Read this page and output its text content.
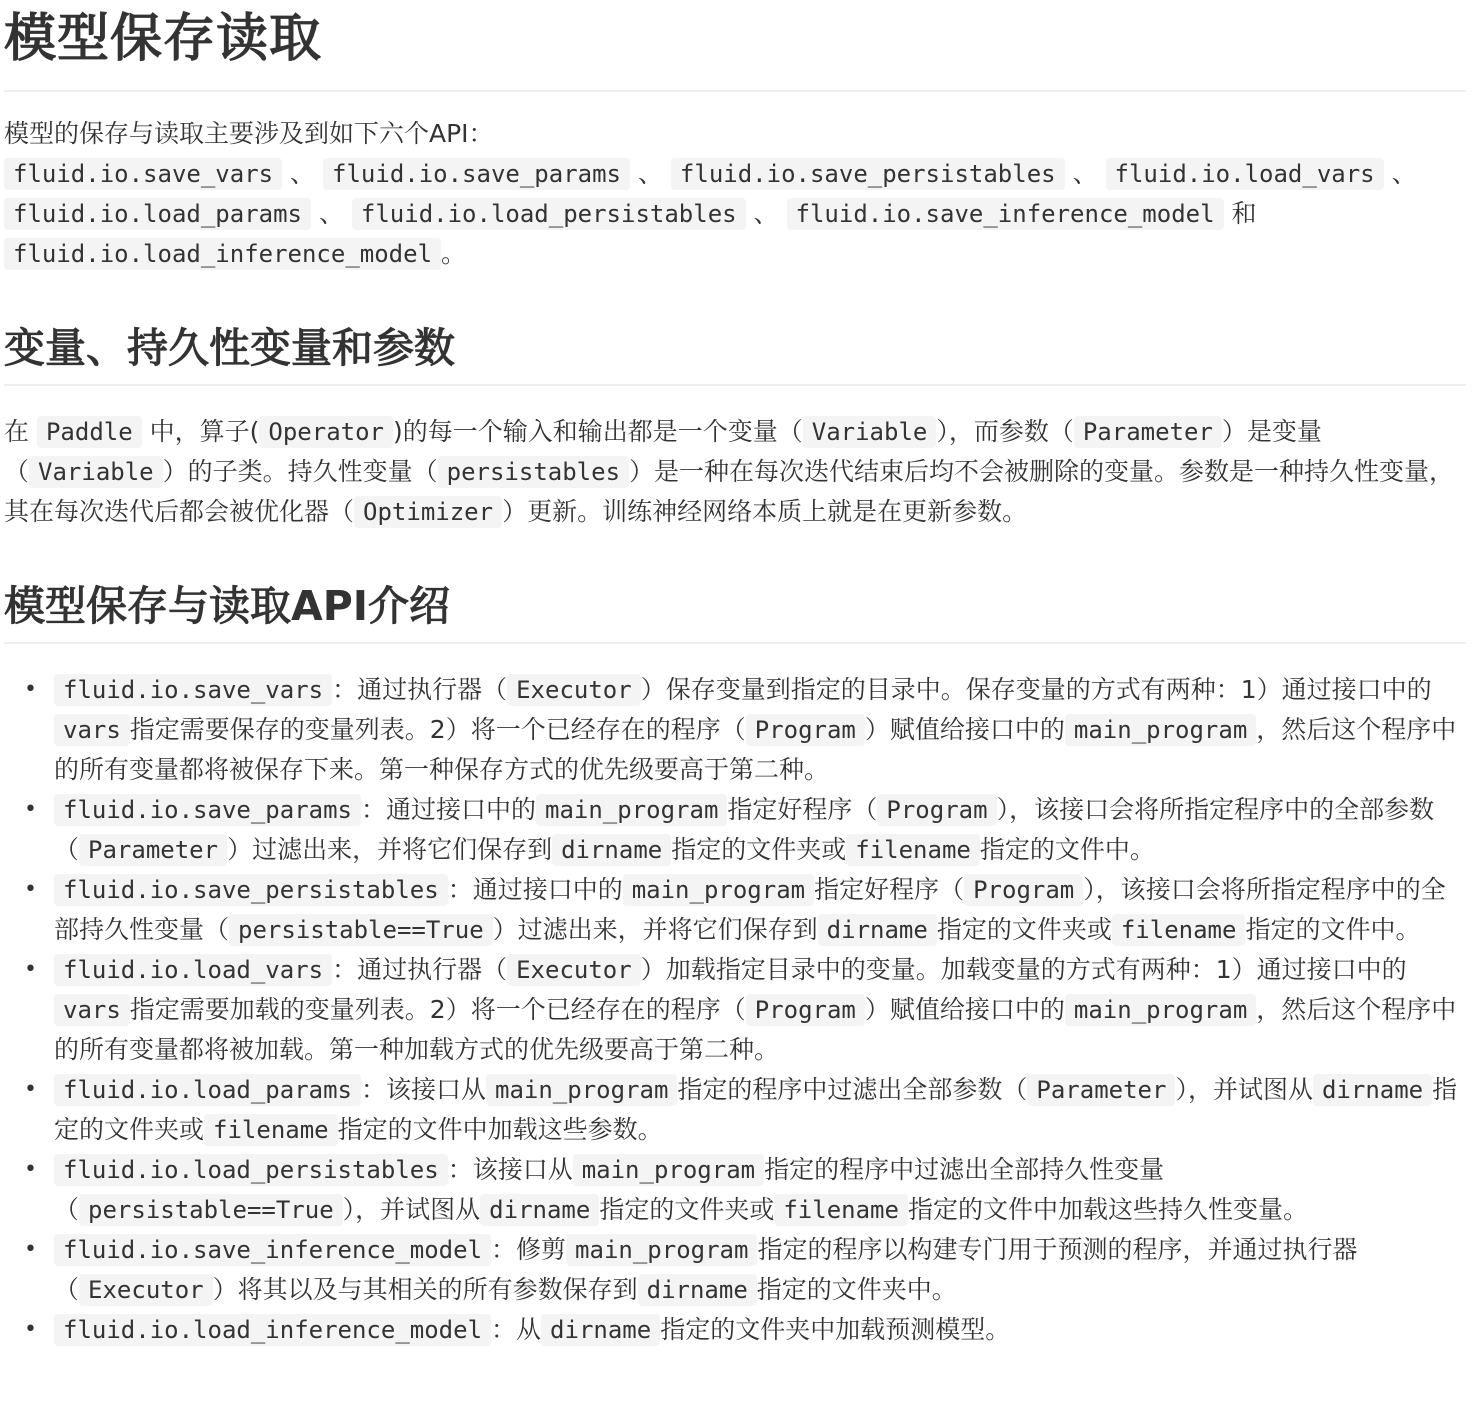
模型保存读取

模型的保存与读取主要涉及到如下六个API：
fluid.io.save_vars 、 fluid.io.save_params 、 fluid.io.save_persistables 、 fluid.io.load_vars 、 fluid.io.load_params 、 fluid.io.load_persistables 、 fluid.io.save_inference_model 和 fluid.io.load_inference_model 。

变量、持久性变量和参数

在 Paddle 中，算子( Operator )的每一个输入和输出都是一个变量（ Variable ），而参数（ Parameter ）是变量（ Variable ）的子类。持久性变量（ persistables ）是一种在每次迭代结束后均不会被删除的变量。参数是一种持久性变量，其在每次迭代后都会被优化器（ Optimizer ）更新。训练神经网络本质上就是在更新参数。

模型保存与读取API介绍
• fluid.io.save_vars ：通过执行器（ Executor ）保存变量到指定的目录中。保存变量的方式有两种：1）通过接口中的vars 指定需要保存的变量列表。2）将一个已经存在的程序（ Program ）赋值给接口中的 main_program ，然后这个程序中的所有变量都将被保存下来。第一种保存方式的优先级要高于第二种。
• fluid.io.save_params ：通过接口中的 main_program 指定好程序（ Program ），该接口会将所指定程序中的全部参数（ Parameter ）过滤出来，并将它们保存到 dirname 指定的文件夹或 filename 指定的文件中。
• fluid.io.save_persistables ：通过接口中的 main_program 指定好程序（ Program ），该接口会将所指定程序中的全部持久性变量（ persistable==True ）过滤出来，并将它们保存到 dirname 指定的文件夹或 filename 指定的文件中。
• fluid.io.load_vars ：通过执行器（ Executor ）加载指定目录中的变量。加载变量的方式有两种：1）通过接口中的vars 指定需要加载的变量列表。2）将一个已经存在的程序（ Program ）赋值给接口中的 main_program ，然后这个程序中的所有变量都将被加载。第一种加载方式的优先级要高于第二种。
• fluid.io.load_params ：该接口从 main_program 指定的程序中过滤出全部参数（ Parameter ），并试图从 dirname 指定的文件夹或 filename 指定的文件中加载这些参数。
• fluid.io.load_persistables ：该接口从 main_program 指定的程序中过滤出全部持久性变量（ persistable==True ），并试图从 dirname 指定的文件夹或 filename 指定的文件中加载这些持久性变量。
• fluid.io.save_inference_model ：修剪 main_program 指定的程序以构建专门用于预测的程序，并通过执行器（ Executor ）将其以及与其相关的所有参数保存到 dirname 指定的文件夹中。
• fluid.io.load_inference_model ：从 dirname 指定的文件夹中加载预测模型。
